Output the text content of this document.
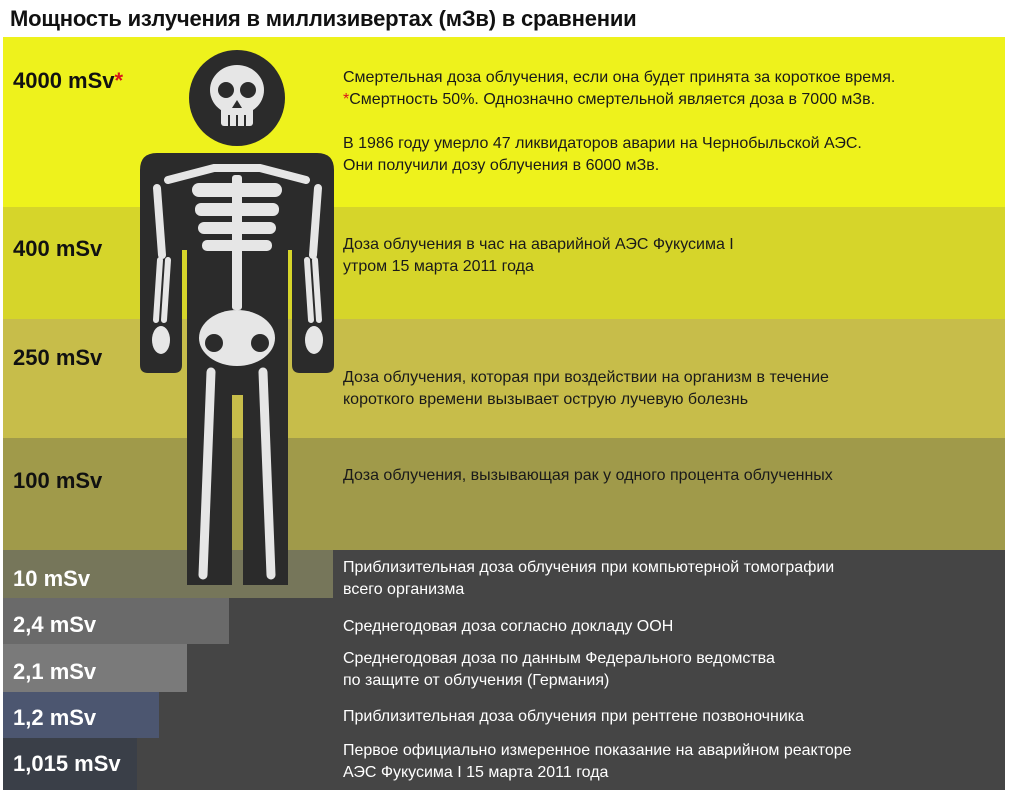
Мощность излучения в миллизивертах (мЗв) в сравнении
4000 mSv*
400 mSv
250 mSv
100 mSv
10 mSv
2,4 mSv
2,1 mSv
1,2 mSv
1,015 mSv
Смертельная доза облучения, если она будет принята за короткое время.
*Смертность 50%. Однозначно смертельной является доза в 7000 мЗв.
В 1986 году умерло 47 ликвидаторов аварии на Чернобыльской АЭС.
Они получили дозу облучения в 6000 мЗв.
Доза облучения в час на аварийной АЭС Фукусима I
утром 15 марта 2011 года
Доза облучения, которая при воздействии на организм в течение
короткого времени вызывает острую лучевую болезнь
Доза облучения, вызывающая рак у одного процента облученных
Приблизительная доза облучения при компьютерной томографии
всего организма
Среднегодовая доза согласно докладу ООН
Среднегодовая доза по данным Федерального ведомства
по защите от облучения (Германия)
Приблизительная доза облучения при рентгене позвоночника
Первое официально измеренное показание на аварийном реакторе
АЭС Фукусима I 15 марта 2011 года
